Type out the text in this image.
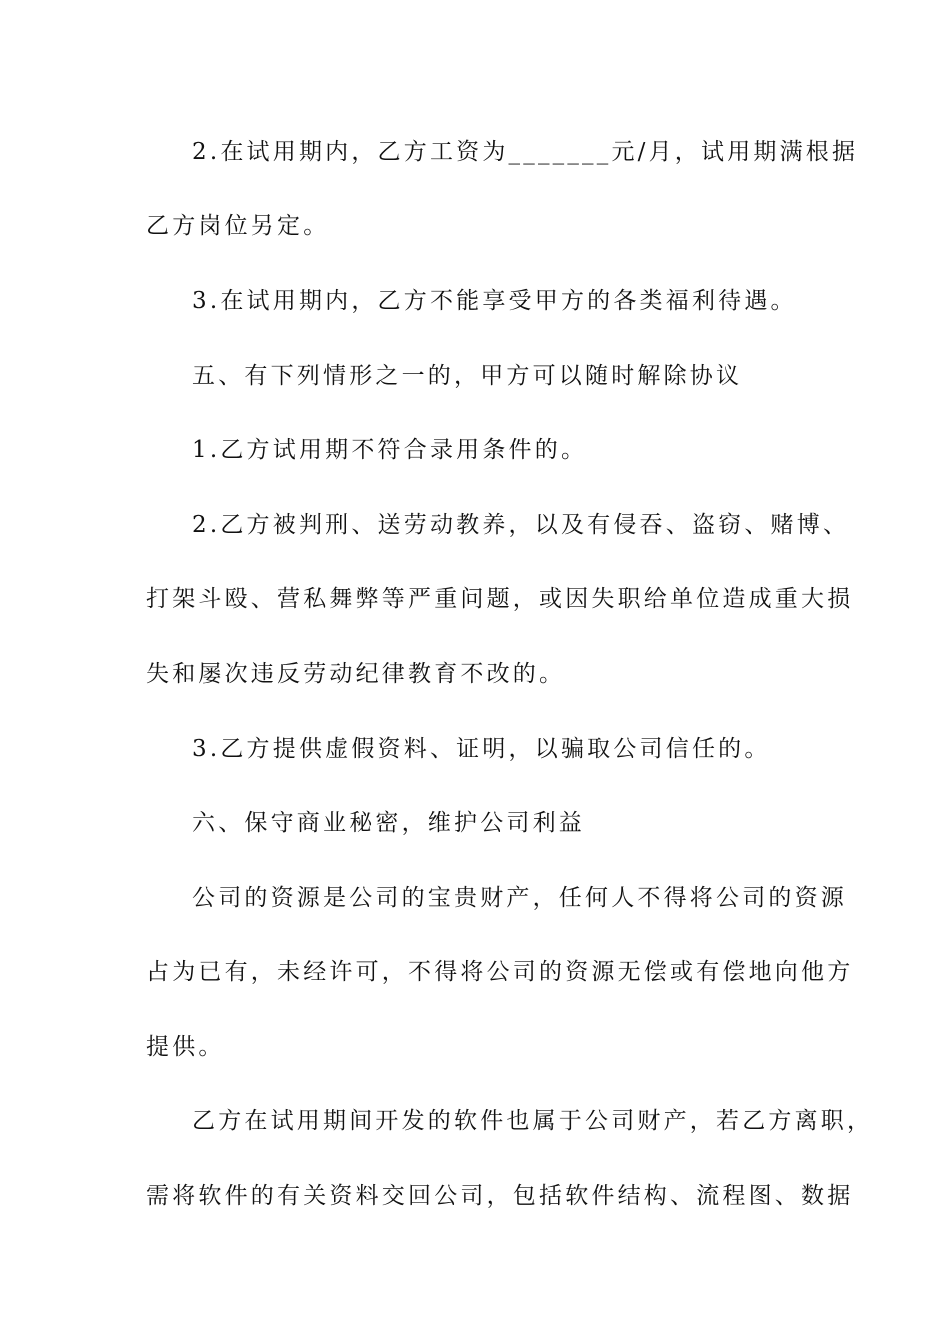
2.在试用期内，乙方工资为_______元/月，试用期满根据
乙方岗位另定。
3.在试用期内，乙方不能享受甲方的各类福利待遇。
五、有下列情形之一的，甲方可以随时解除协议
1.乙方试用期不符合录用条件的。
2.乙方被判刑、送劳动教养，以及有侵吞、盗窃、赌博、
打架斗殴、营私舞弊等严重问题，或因失职给单位造成重大损
失和屡次违反劳动纪律教育不改的。
3.乙方提供虚假资料、证明，以骗取公司信任的。
六、保守商业秘密，维护公司利益
公司的资源是公司的宝贵财产，任何人不得将公司的资源
占为已有，未经许可，不得将公司的资源无偿或有偿地向他方
提供。
乙方在试用期间开发的软件也属于公司财产，若乙方离职，
需将软件的有关资料交回公司，包括软件结构、流程图、数据
